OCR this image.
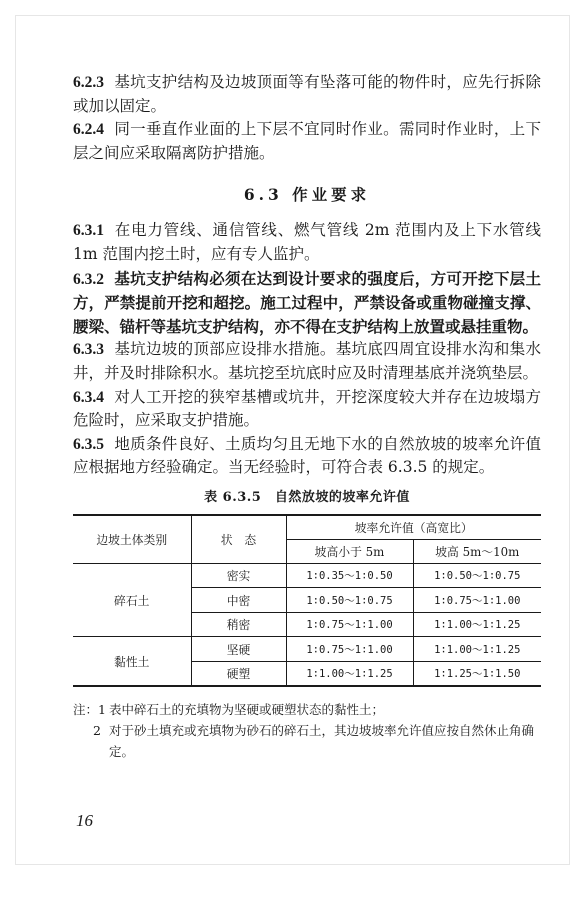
6.2.3 基坑支护结构及边坡顶面等有坠落可能的物件时，应先行拆除或加以固定。

6.2.4 同一垂直作业面的上下层不宜同时作业。需同时作业时，上下层之间应采取隔离防护措施。

6.3 作业要求

6.3.1 在电力管线、通信管线、燃气管线 2m 范围内及上下水管线 1m 范围内挖土时，应有专人监护。

6.3.2 基坑支护结构必须在达到设计要求的强度后，方可开挖下层土方，严禁提前开挖和超挖。施工过程中，严禁设备或重物碰撞支撑、腰梁、锚杆等基坑支护结构，亦不得在支护结构上放置或悬挂重物。

6.3.3 基坑边坡的顶部应设排水措施。基坑底四周宜设排水沟和集水井，并及时排除积水。基坑挖至坑底时应及时清理基底并浇筑垫层。

6.3.4 对人工开挖的狭窄基槽或坑井，开挖深度较大并存在边坡塌方危险时，应采取支护措施。

6.3.5 地质条件良好、土质均匀且无地下水的自然放坡的坡率允许值应根据地方经验确定。当无经验时，可符合表 6.3.5 的规定。

表 6.3.5　自然放坡的坡率允许值
边坡土体类别	状　态	坡率允许值（高宽比）	
		坡高小于 5m	坡高 5m～10m
碎石土	密实	1∶0.35～1∶0.50	1∶0.50～1∶0.75
	中密	1∶0.50～1∶0.75	1∶0.75～1∶1.00
	稍密	1∶0.75～1∶1.00	1∶1.00～1∶1.25
黏性土	坚硬	1∶0.75～1∶1.00	1∶1.00～1∶1.25
	硬塑	1∶1.00～1∶1.25	1∶1.25～1∶1.50
注：1 表中碎石土的充填物为坚硬或硬塑状态的黏性土；
2 对于砂土填充或充填物为砂石的碎石土，其边坡坡率允许值应按自然休止角确定。
16
